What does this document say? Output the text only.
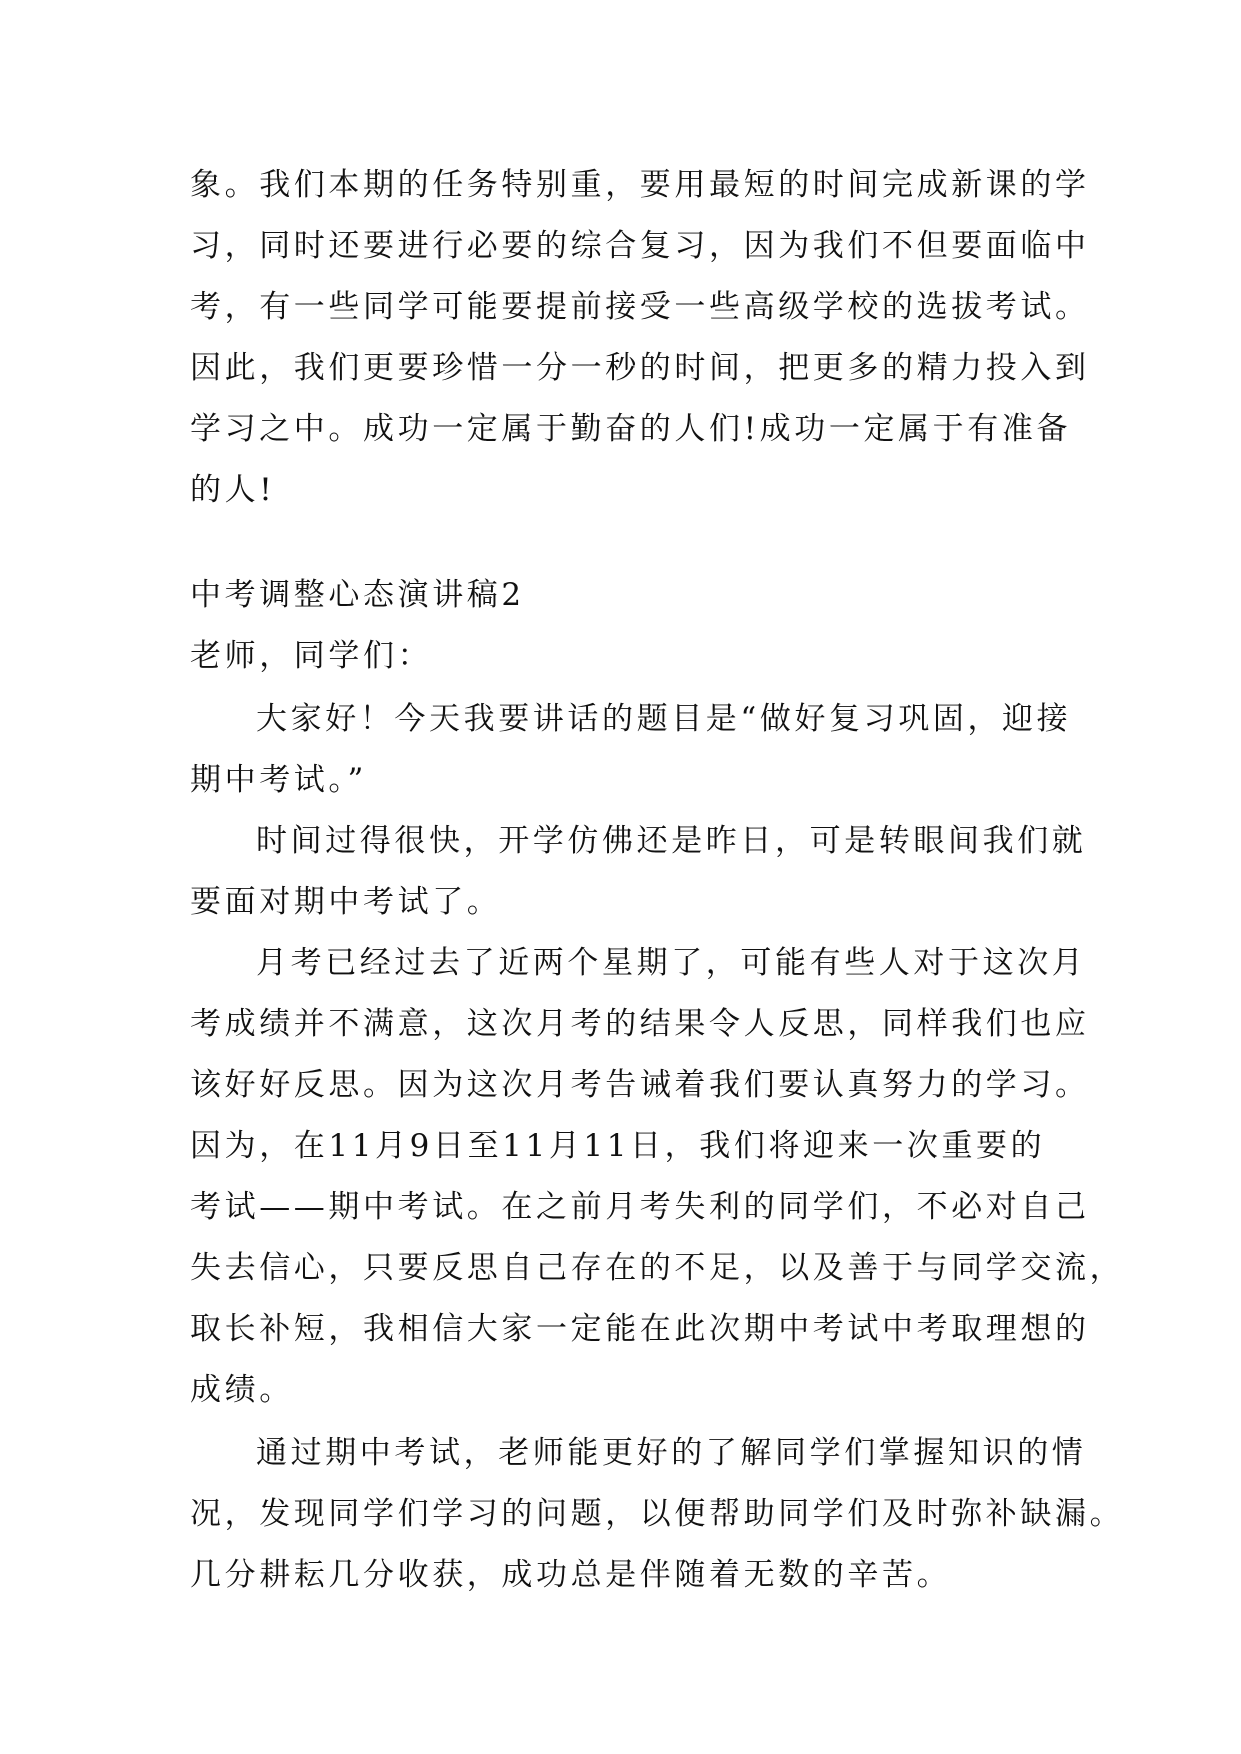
象。我们本期的任务特别重，要用最短的时间完成新课的学
习，同时还要进行必要的综合复习，因为我们不但要面临中
考，有一些同学可能要提前接受一些高级学校的选拔考试。
因此，我们更要珍惜一分一秒的时间，把更多的精力投入到
学习之中。成功一定属于勤奋的人们!成功一定属于有准备
的人!
中考调整心态演讲稿2
老师，同学们：
大家好！今天我要讲话的题目是“做好复习巩固，迎接
期中考试。”
时间过得很快，开学仿佛还是昨日，可是转眼间我们就
要面对期中考试了。
月考已经过去了近两个星期了，可能有些人对于这次月
考成绩并不满意，这次月考的结果令人反思，同样我们也应
该好好反思。因为这次月考告诫着我们要认真努力的学习。
因为，在11月9日至11月11日，我们将迎来一次重要的
考试——期中考试。在之前月考失利的同学们，不必对自己
失去信心，只要反思自己存在的不足，以及善于与同学交流，
取长补短，我相信大家一定能在此次期中考试中考取理想的
成绩。
通过期中考试，老师能更好的了解同学们掌握知识的情
况，发现同学们学习的问题，以便帮助同学们及时弥补缺漏。
几分耕耘几分收获，成功总是伴随着无数的辛苦。
